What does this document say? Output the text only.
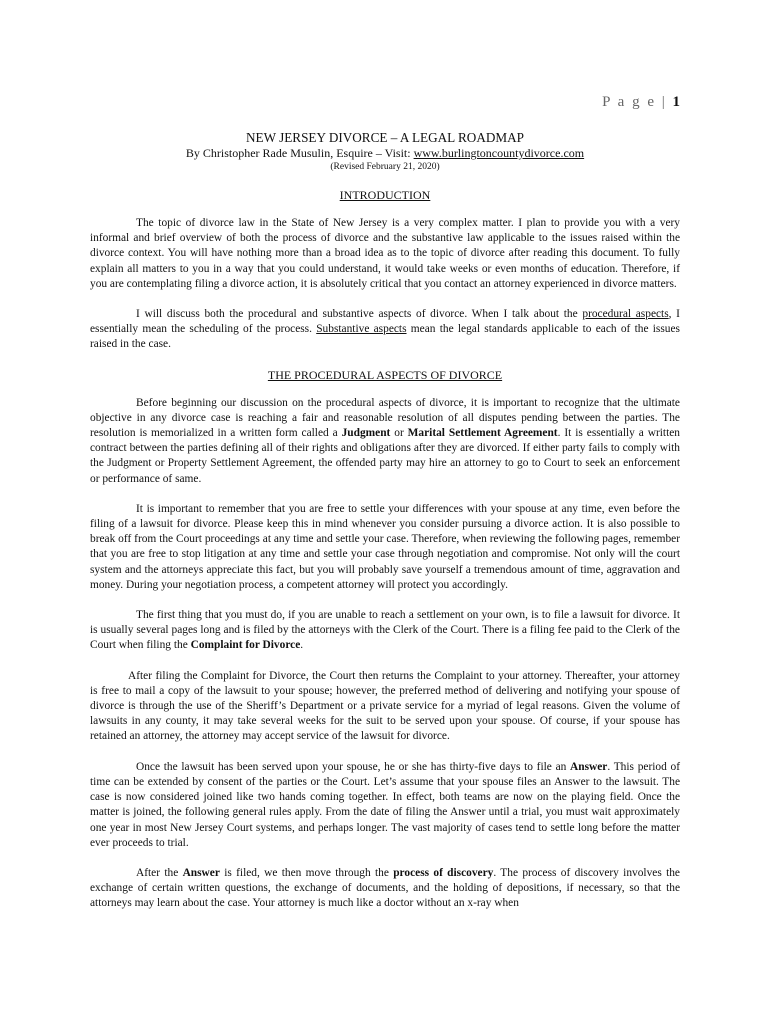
P a g e | 1

NEW JERSEY DIVORCE – A LEGAL ROADMAP

By Christopher Rade Musulin, Esquire – Visit: www.burlingtoncountydivorce.com

(Revised February 21, 2020)

INTRODUCTION

The topic of divorce law in the State of New Jersey is a very complex matter. I plan to provide you with a very informal and brief overview of both the process of divorce and the substantive law applicable to the issues raised within the divorce context. You will have nothing more than a broad idea as to the topic of divorce after reading this document. To fully explain all matters to you in a way that you could understand, it would take weeks or even months of education. Therefore, if you are contemplating filing a divorce action, it is absolutely critical that you contact an attorney experienced in divorce matters.

I will discuss both the procedural and substantive aspects of divorce. When I talk about the procedural aspects, I essentially mean the scheduling of the process. Substantive aspects mean the legal standards applicable to each of the issues raised in the case.

THE PROCEDURAL ASPECTS OF DIVORCE

Before beginning our discussion on the procedural aspects of divorce, it is important to recognize that the ultimate objective in any divorce case is reaching a fair and reasonable resolution of all disputes pending between the parties. The resolution is memorialized in a written form called a Judgment or Marital Settlement Agreement. It is essentially a written contract between the parties defining all of their rights and obligations after they are divorced. If either party fails to comply with the Judgment or Property Settlement Agreement, the offended party may hire an attorney to go to Court to seek an enforcement or performance of same.

It is important to remember that you are free to settle your differences with your spouse at any time, even before the filing of a lawsuit for divorce. Please keep this in mind whenever you consider pursuing a divorce action. It is also possible to break off from the Court proceedings at any time and settle your case. Therefore, when reviewing the following pages, remember that you are free to stop litigation at any time and settle your case through negotiation and compromise. Not only will the court system and the attorneys appreciate this fact, but you will probably save yourself a tremendous amount of time, aggravation and money. During your negotiation process, a competent attorney will protect you accordingly.

The first thing that you must do, if you are unable to reach a settlement on your own, is to file a lawsuit for divorce. It is usually several pages long and is filed by the attorneys with the Clerk of the Court. There is a filing fee paid to the Clerk of the Court when filing the Complaint for Divorce.

After filing the Complaint for Divorce, the Court then returns the Complaint to your attorney. Thereafter, your attorney is free to mail a copy of the lawsuit to your spouse; however, the preferred method of delivering and notifying your spouse of divorce is through the use of the Sheriff’s Department or a private service for a myriad of legal reasons. Given the volume of lawsuits in any county, it may take several weeks for the suit to be served upon your spouse. Of course, if your spouse has retained an attorney, the attorney may accept service of the lawsuit for divorce.

Once the lawsuit has been served upon your spouse, he or she has thirty-five days to file an Answer. This period of time can be extended by consent of the parties or the Court. Let’s assume that your spouse files an Answer to the lawsuit. The case is now considered joined like two hands coming together. In effect, both teams are now on the playing field. Once the matter is joined, the following general rules apply. From the date of filing the Answer until a trial, you must wait approximately one year in most New Jersey Court systems, and perhaps longer. The vast majority of cases tend to settle long before the matter ever proceeds to trial.

After the Answer is filed, we then move through the process of discovery. The process of discovery involves the exchange of certain written questions, the exchange of documents, and the holding of depositions, if necessary, so that the attorneys may learn about the case. Your attorney is much like a doctor without an x-ray when
